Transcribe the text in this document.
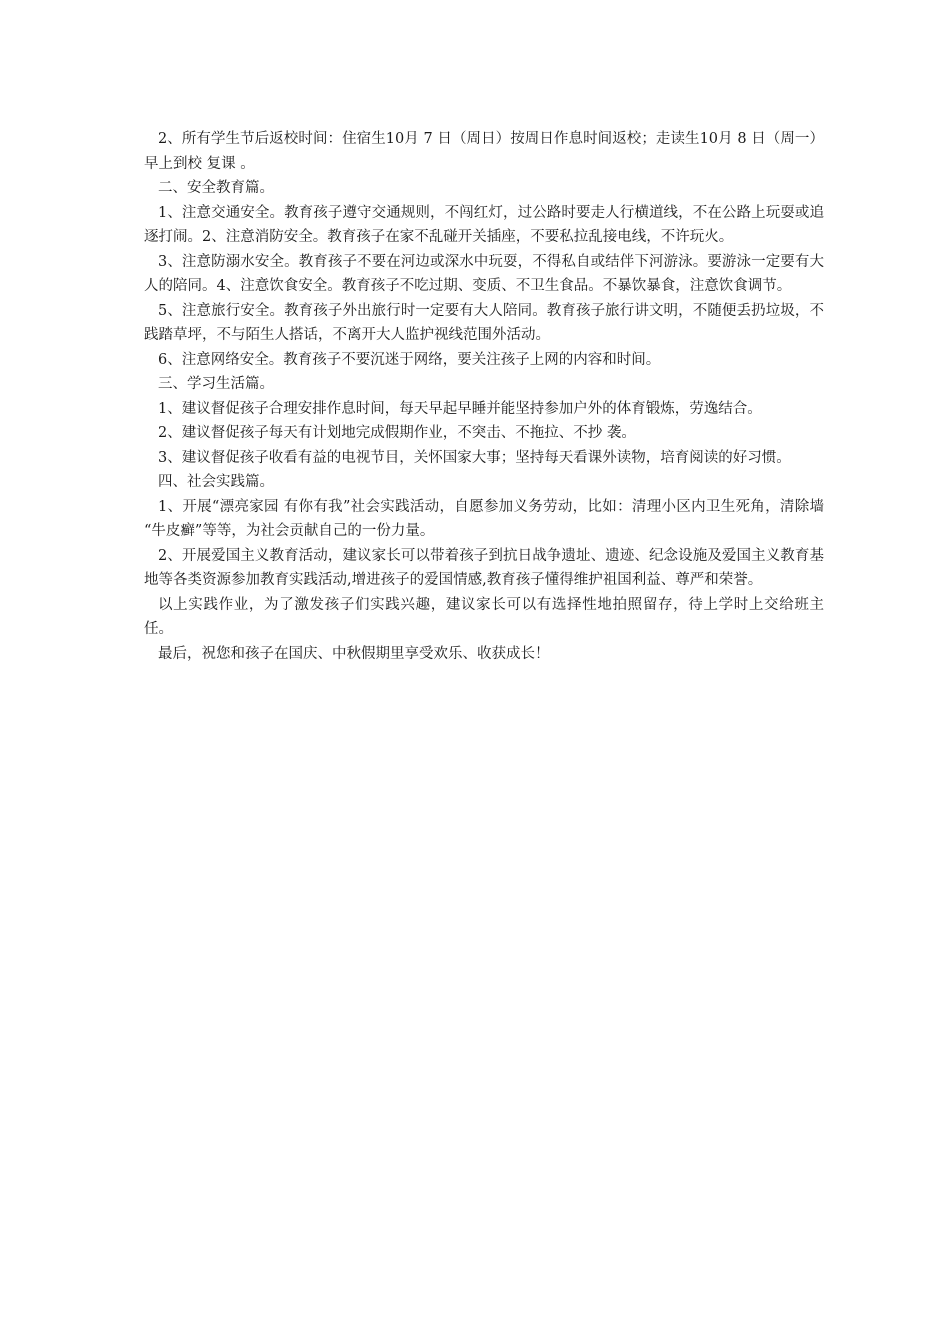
2、所有学生节后返校时间：住宿生10月 7 日（周日）按周日作息时间返校；走读生10月 8 日（周一）早上到校 复课 。

二、安全教育篇。

1、注意交通安全。教育孩子遵守交通规则，不闯红灯，过公路时要走人行横道线，不在公路上玩耍或追逐打闹。2、注意消防安全。教育孩子在家不乱碰开关插座，不要私拉乱接电线，不许玩火。

3、注意防溺水安全。教育孩子不要在河边或深水中玩耍，不得私自或结伴下河游泳。要游泳一定要有大人的陪同。4、注意饮食安全。教育孩子不吃过期、变质、不卫生食品。不暴饮暴食，注意饮食调节。

5、注意旅行安全。教育孩子外出旅行时一定要有大人陪同。教育孩子旅行讲文明，不随便丢扔垃圾，不践踏草坪，不与陌生人搭话，不离开大人监护视线范围外活动。

6、注意网络安全。教育孩子不要沉迷于网络，要关注孩子上网的内容和时间。

三、学习生活篇。

1、建议督促孩子合理安排作息时间，每天早起早睡并能坚持参加户外的体育锻炼，劳逸结合。

2、建议督促孩子每天有计划地完成假期作业，不突击、不拖拉、不抄 袭。

3、建议督促孩子收看有益的电视节目，关怀国家大事；坚持每天看课外读物，培育阅读的好习惯。

四、社会实践篇。

1、开展“漂亮家园 有你有我”社会实践活动，自愿参加义务劳动，比如：清理小区内卫生死角，清除墙 “牛皮癣”等等，为社会贡献自己的一份力量。

2、开展爱国主义教育活动，建议家长可以带着孩子到抗日战争遗址、遗迹、纪念设施及爱国主义教育基地等各类资源参加教育实践活动,增进孩子的爱国情感,教育孩子懂得维护祖国利益、尊严和荣誉。

以上实践作业，为了激发孩子们实践兴趣，建议家长可以有选择性地拍照留存，待上学时上交给班主任。

最后，祝您和孩子在国庆、中秋假期里享受欢乐、收获成长！
